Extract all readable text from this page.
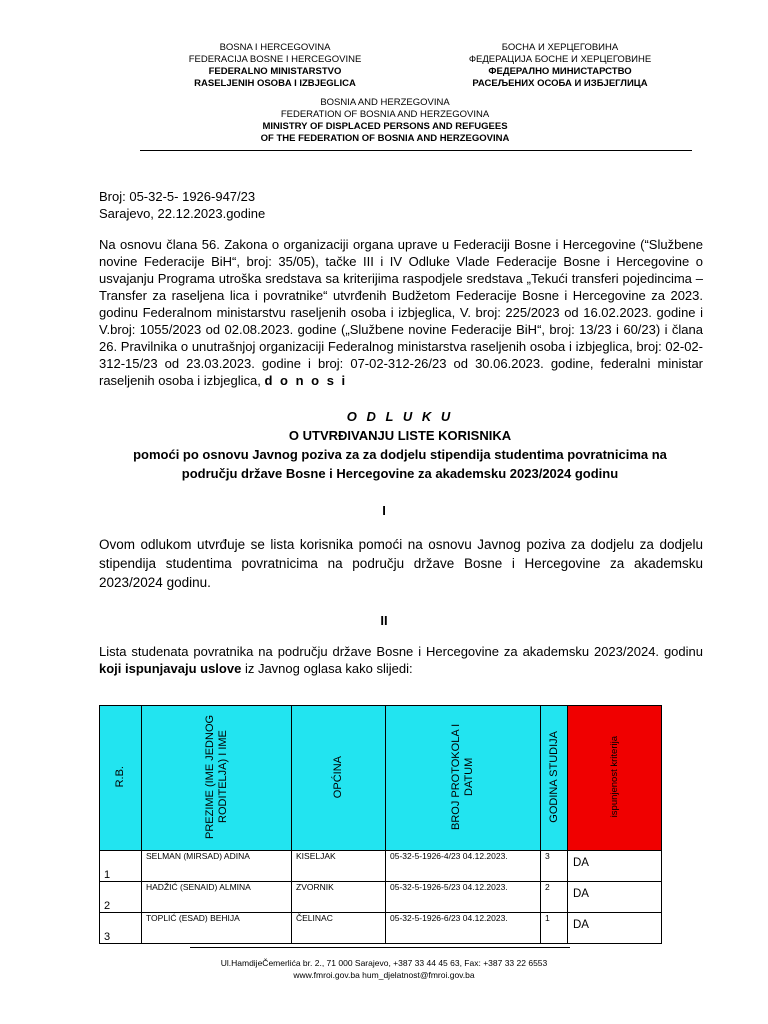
BOSNA I HERCEGOVINA
FEDERACIJA BOSNE I HERCEGOVINE
FEDERALNO MINISTARSTVO
RASELJENIH OSOBA I IZBJEGLICA
БОСНА И ХЕРЦЕГОВИНА
ФЕДЕРАЦИЈА БОСНЕ И ХЕРЦЕГОВИНЕ
ФЕДЕРАЛНО МИНИСТАРСТВО
РАСЕЉЕНИХ ОСОБА И ИЗБЈЕГЛИЦА
BOSNIA AND HERZEGOVINA
FEDERATION OF BOSNIA AND HERZEGOVINA
MINISTRY OF DISPLACED PERSONS AND REFUGEES
OF THE FEDERATION OF BOSNIA AND HERZEGOVINA
Broj: 05-32-5- 1926-947/23
Sarajevo, 22.12.2023.godine
Na osnovu člana 56. Zakona o organizaciji organa uprave u Federaciji Bosne i Hercegovine (“Službene novine Federacije BiH“, broj: 35/05), tačke III i IV Odluke Vlade Federacije Bosne i Hercegovine o usvajanju Programa utroška sredstava sa kriterijima raspodjele sredstava „Tekući transferi pojedincima – Transfer za raseljena lica i povratnike“ utvrđenih Budžetom Federacije Bosne i Hercegovine za 2023. godinu Federalnom ministarstvu raseljenih osoba i izbjeglica, V. broj: 225/2023 od 16.02.2023. godine i V.broj: 1055/2023 od 02.08.2023. godine („Službene novine Federacije BiH“, broj: 13/23 i 60/23) i člana 26. Pravilnika o unutrašnjoj organizaciji Federalnog ministarstva raseljenih osoba i izbjeglica, broj: 02-02-312-15/23 od 23.03.2023. godine i broj: 07-02-312-26/23 od 30.06.2023. godine, federalni ministar raseljenih osoba i izbjeglica, d o n o s i
O D L U K U
O UTVRĐIVANJU LISTE KORISNIKA
pomoći po osnovu Javnog poziva za za dodjelu stipendija studentima povratnicima na
području države Bosne i Hercegovine za akademsku 2023/2024 godinu
I
Ovom odlukom utvrđuje se lista korisnika pomoći na osnovu Javnog poziva za dodjelu za dodjelu stipendija studentima povratnicima na području države Bosne i Hercegovine za akademsku 2023/2024 godinu.
II
Lista studenata povratnika na području države Bosne i Hercegovine za akademsku 2023/2024. godinu koji ispunjavaju uslove iz Javnog oglasa kako slijedi:
R.B.	PREZIME (IME JEDNOG RODITELJA) I IME	OPĆINA	BROJ PROTOKOLA I DATUM	GODINA STUDIJA	ispunjenost kriterija
1	SELMAN (MIRSAD) ADINA	KISELJAK	05-32-5-1926-4/23 04.12.2023.	3	DA
2	HADŽIĆ (SENAID) ALMINA	ZVORNIK	05-32-5-1926-5/23 04.12.2023.	2	DA
3	TOPLIĆ (ESAD) BEHIJA	ČELINAC	05-32-5-1926-6/23 04.12.2023.	1	DA
Ul.HamdijeČemerlića br. 2., 71 000 Sarajevo, +387 33 44 45 63, Fax: +387 33 22 6553
www.fmroi.gov.ba hum_djelatnost@fmroi.gov.ba
